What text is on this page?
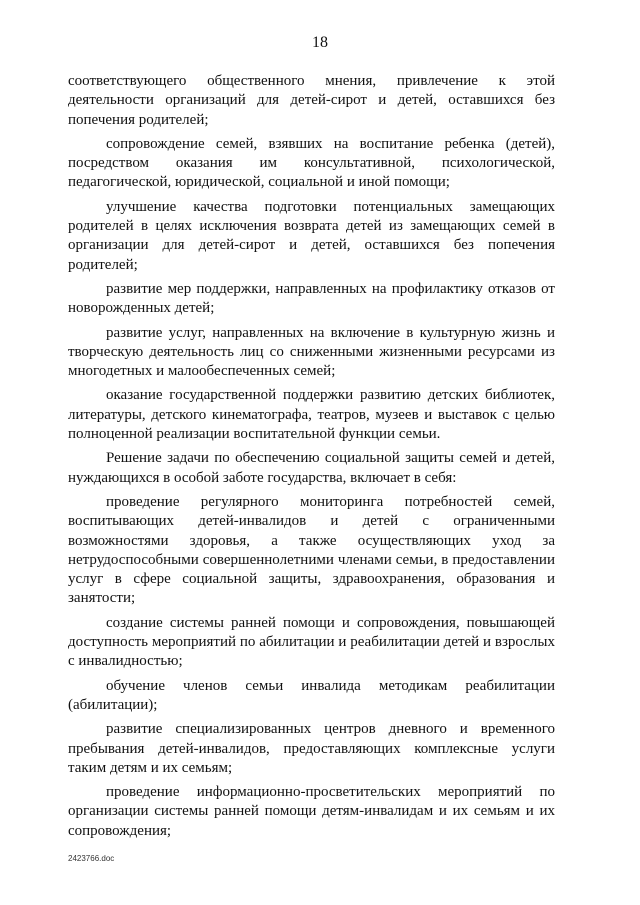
18

соответствующего общественного мнения, привлечение к этой деятельности организаций для детей-сирот и детей, оставшихся без попечения родителей;

сопровождение семей, взявших на воспитание ребенка (детей), посредством оказания им консультативной, психологической, педагогической, юридической, социальной и иной помощи;

улучшение качества подготовки потенциальных замещающих родителей в целях исключения возврата детей из замещающих семей в организации для детей-сирот и детей, оставшихся без попечения родителей;

развитие мер поддержки, направленных на профилактику отказов от новорожденных детей;

развитие услуг, направленных на включение в культурную жизнь и творческую деятельность лиц со сниженными жизненными ресурсами из многодетных и малообеспеченных семей;

оказание государственной поддержки развитию детских библиотек, литературы, детского кинематографа, театров, музеев и выставок с целью полноценной реализации воспитательной функции семьи.

Решение задачи по обеспечению социальной защиты семей и детей, нуждающихся в особой заботе государства, включает в себя:

проведение регулярного мониторинга потребностей семей, воспитывающих детей-инвалидов и детей с ограниченными возможностями здоровья, а также осуществляющих уход за нетрудоспособными совершеннолетними членами семьи, в предоставлении услуг в сфере социальной защиты, здравоохранения, образования и занятости;

создание системы ранней помощи и сопровождения, повышающей доступность мероприятий по абилитации и реабилитации детей и взрослых с инвалидностью;

обучение членов семьи инвалида методикам реабилитации (абилитации);

развитие специализированных центров дневного и временного пребывания детей-инвалидов, предоставляющих комплексные услуги таким детям и их семьям;

проведение информационно-просветительских мероприятий по организации системы ранней помощи детям-инвалидам и их семьям и их сопровождения;

2423766.doc
